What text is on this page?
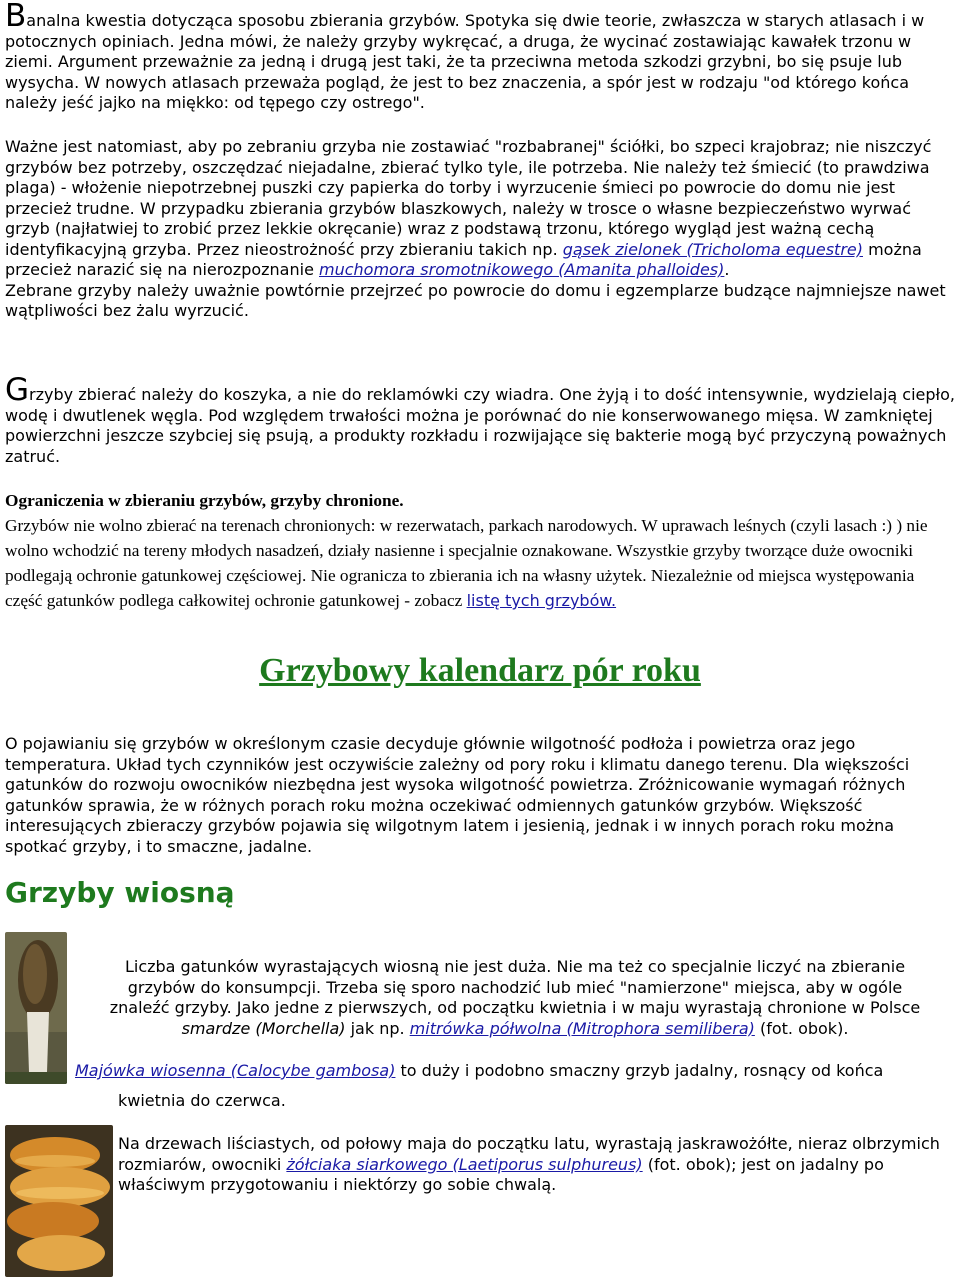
Banalna kwestia dotycząca sposobu zbierania grzybów. Spotyka się dwie teorie, zwłaszcza w starych atlasach i w potocznych opiniach. Jedna mówi, że należy grzyby wykręcać, a druga, że wycinać zostawiając kawałek trzonu w ziemi. Argument przeważnie za jedną i drugą jest taki, że ta przeciwna metoda szkodzi grzybni, bo się psuje lub wysycha. W nowych atlasach przeważa pogląd, że jest to bez znaczenia, a spór jest w rodzaju "od którego końca należy jeść jajko na miękko: od tępego czy ostrego".

Ważne jest natomiast, aby po zebraniu grzyba nie zostawiać "rozbabranej" ściółki, bo szpeci krajobraz; nie niszczyć grzybów bez potrzeby, oszczędzać niejadalne, zbierać tylko tyle, ile potrzeba. Nie należy też śmiecić (to prawdziwa plaga) - włożenie niepotrzebnej puszki czy papierka do torby i wyrzucenie śmieci po powrocie do domu nie jest przecież trudne. W przypadku zbierania grzybów blaszkowych, należy w trosce o własne bezpieczeństwo wyrwać grzyb (najłatwiej to zrobić przez lekkie okręcanie) wraz z podstawą trzonu, którego wygląd jest ważną cechą identyfikacyjną grzyba. Przez nieostrożność przy zbieraniu takich np. gąsek zielonek (Tricholoma equestre) można przecież narazić się na nierozpoznanie muchomora sromotnikowego (Amanita phalloides).
Zebrane grzyby należy uważnie powtórnie przejrzeć po powrocie do domu i egzemplarze budzące najmniejsze nawet wątpliwości bez żalu wyrzucić.

Grzyby zbierać należy do koszyka, a nie do reklamówki czy wiadra. One żyją i to dość intensywnie, wydzielają ciepło, wodę i dwutlenek węgla. Pod względem trwałości można je porównać do nie konserwowanego mięsa. W zamkniętej powierzchni jeszcze szybciej się psują, a produkty rozkładu i rozwijające się bakterie mogą być przyczyną poważnych zatruć.

Ograniczenia w zbieraniu grzybów, grzyby chronione.
Grzybów nie wolno zbierać na terenach chronionych: w rezerwatach, parkach narodowych. W uprawach leśnych (czyli lasach :) ) nie wolno wchodzić na tereny młodych nasadzeń, działy nasienne i specjalnie oznakowane. Wszystkie grzyby tworzące duże owocniki podlegają ochronie gatunkowej częściowej. Nie ogranicza to zbierania ich na własny użytek. Niezależnie od miejsca występowania część gatunków podlega całkowitej ochronie gatunkowej - zobacz listę tych grzybów.
Grzybowy kalendarz pór roku

O pojawianiu się grzybów w określonym czasie decyduje głównie wilgotność podłoża i powietrza oraz jego temperatura. Układ tych czynników jest oczywiście zależny od pory roku i klimatu danego terenu. Dla większości gatunków do rozwoju owocników niezbędna jest wysoka wilgotność powietrza. Zróżnicowanie wymagań różnych gatunków sprawia, że w różnych porach roku można oczekiwać odmiennych gatunków grzybów. Większość interesujących zbieraczy grzybów pojawia się wilgotnym latem i jesienią, jednak i w innych porach roku można spotkać grzyby, i to smaczne, jadalne.

Grzyby wiosną

Liczba gatunków wyrastających wiosną nie jest duża. Nie ma też co specjalnie liczyć na zbieranie grzybów do konsumpcji. Trzeba się sporo nachodzić lub mieć "namierzone" miejsca, aby w ogóle znaleźć grzyby. Jako jedne z pierwszych, od początku kwietnia i w maju wyrastają chronione w Polsce smardze (Morchella) jak np. mitrówka półwolna (Mitrophora semilibera) (fot. obok).

Majówka wiosenna (Calocybe gambosa) to duży i podobno smaczny grzyb jadalny, rosnący od końca

kwietnia do czerwca.

Na drzewach liściastych, od połowy maja do początku latu, wyrastają jaskrawożółte, nieraz olbrzymich rozmiarów, owocniki żółciaka siarkowego (Laetiporus sulphureus) (fot. obok); jest on jadalny po właściwym przygotowaniu i niektórzy go sobie chwalą.
